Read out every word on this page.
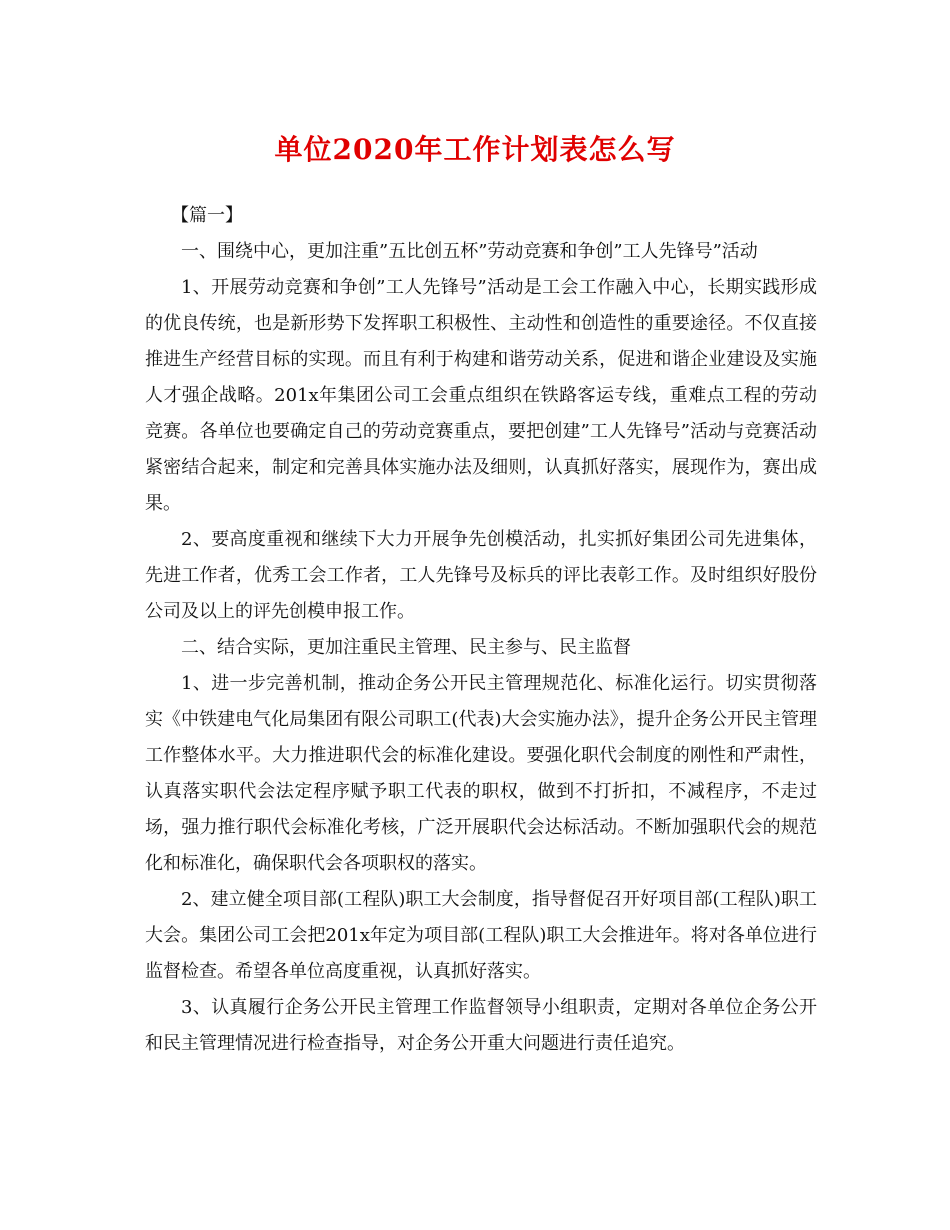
单位2020年工作计划表怎么写

【篇一】

一、围绕中心，更加注重”五比创五杯”劳动竞赛和争创”工人先锋号”活动

1、开展劳动竞赛和争创”工人先锋号”活动是工会工作融入中心，长期实践形成的优良传统，也是新形势下发挥职工积极性、主动性和创造性的重要途径。不仅直接推进生产经营目标的实现。而且有利于构建和谐劳动关系，促进和谐企业建设及实施人才强企战略。201x年集团公司工会重点组织在铁路客运专线，重难点工程的劳动竞赛。各单位也要确定自己的劳动竞赛重点，要把创建”工人先锋号”活动与竞赛活动紧密结合起来，制定和完善具体实施办法及细则，认真抓好落实，展现作为，赛出成果。

2、要高度重视和继续下大力开展争先创模活动，扎实抓好集团公司先进集体，先进工作者，优秀工会工作者，工人先锋号及标兵的评比表彰工作。及时组织好股份公司及以上的评先创模申报工作。

二、结合实际，更加注重民主管理、民主参与、民主监督

1、进一步完善机制，推动企务公开民主管理规范化、标准化运行。切实贯彻落实《中铁建电气化局集团有限公司职工(代表)大会实施办法》，提升企务公开民主管理工作整体水平。大力推进职代会的标准化建设。要强化职代会制度的刚性和严肃性，认真落实职代会法定程序赋予职工代表的职权，做到不打折扣，不减程序，不走过场，强力推行职代会标准化考核，广泛开展职代会达标活动。不断加强职代会的规范化和标准化，确保职代会各项职权的落实。

2、建立健全项目部(工程队)职工大会制度，指导督促召开好项目部(工程队)职工大会。集团公司工会把201x年定为项目部(工程队)职工大会推进年。将对各单位进行监督检查。希望各单位高度重视，认真抓好落实。

3、认真履行企务公开民主管理工作监督领导小组职责，定期对各单位企务公开和民主管理情况进行检查指导，对企务公开重大问题进行责任追究。
